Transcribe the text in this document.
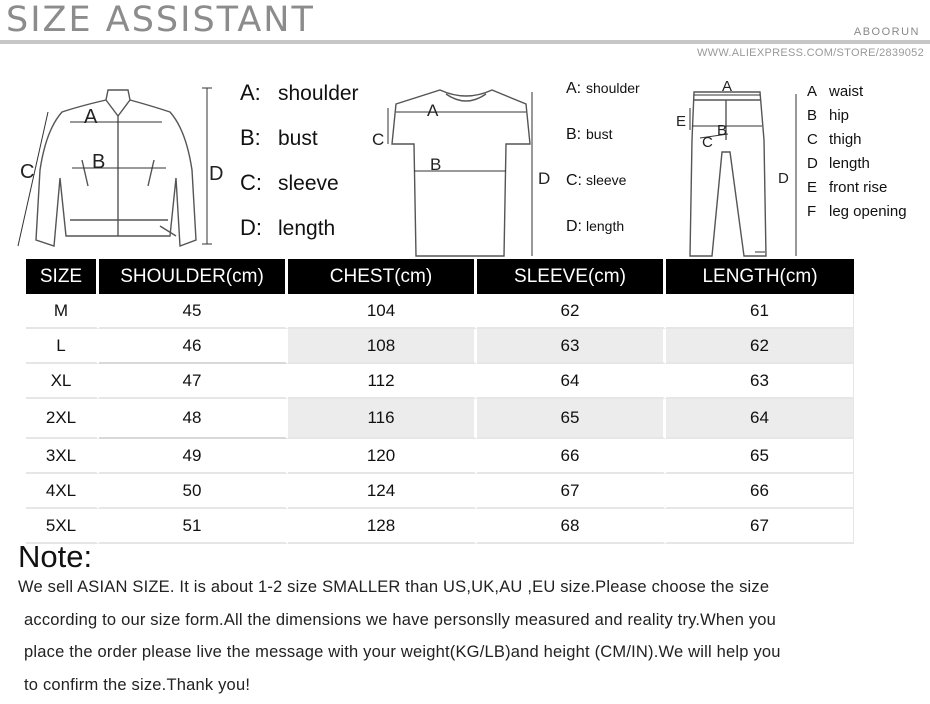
SIZE ASSISTANT	ABOORUN
WWW.ALIEXPRESS.COM/STORE/2839052
A
B
C	D
A
B
C
D
A
B
C
D
E
A: shoulder
B: bust
C: sleeve
D: length
A: shoulder
B: bust
C: sleeve
D: length
A waist
B hip
C thigh
D length
E front rise
F leg opening
SIZE	SHOULDER(cm)	CHEST(cm)	SLEEVE(cm)	LENGTH(cm)
M	45	104	62	61
L	46	108	63	62
XL	47	112	64	63
2XL	48	116	65	64
3XL	49	120	66	65
4XL	50	124	67	66
5XL	51	128	68	67
Note:
We sell ASIAN SIZE. It is about 1-2 size SMALLER than US,UK,AU ,EU size.Please choose the size
according to our size form.All the dimensions we have personslly measured and reality try.When you
place the order please live the message with your weight(KG/LB)and height (CM/IN).We will help you
to confirm the size.Thank you!
